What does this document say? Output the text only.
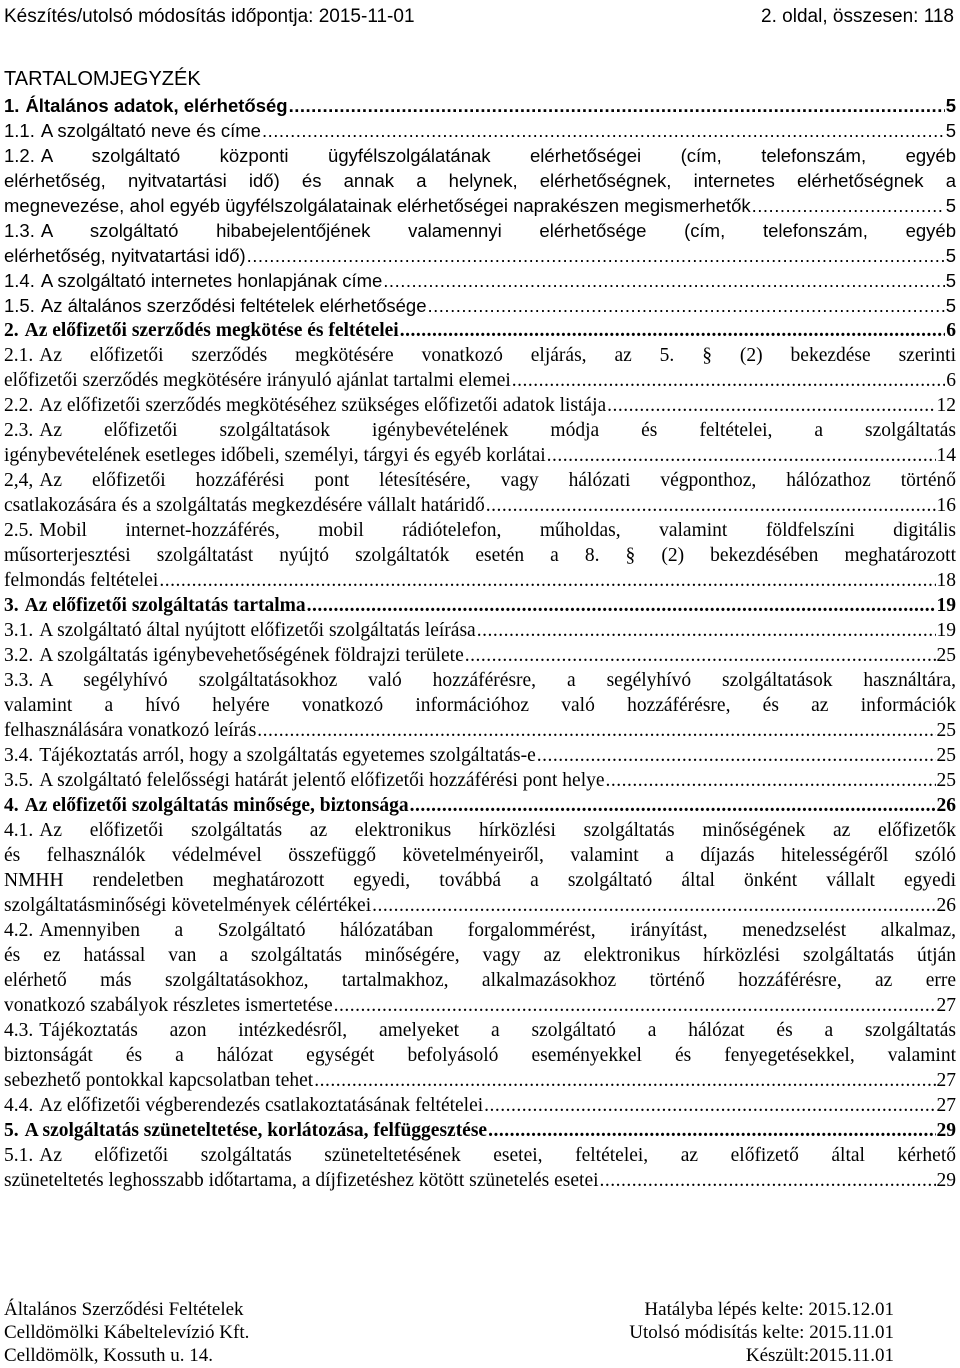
Készítés/utolsó módosítás időpontja: 2015-11-01	2. oldal, összesen: 118
TARTALOMJEGYZÉK
1. Általános adatok, elérhetőség .....	5
1.1. A szolgáltató neve és címe .....	5

1.2. A szolgáltató központi ügyfélszolgálatának elérhetőségei (cím, telefonszám, egyéb

elérhetőség, nyitvatartási idő) és annak a helynek, elérhetőségnek, internetes elérhetőségnek a

megnevezése, ahol egyéb ügyfélszolgálatainak elérhetőségei naprakészen megismerhetők .....	5

1.3. A szolgáltató hibabejelentőjének valamennyi elérhetősége (cím, telefonszám, egyéb

elérhetőség, nyitvatartási idő) .....	5
1.4. A szolgáltató internetes honlapjának címe .....	5
1.5. Az általános szerződési feltételek elérhetősége .....	5
2. Az előfizetői szerződés megkötése és feltételei .....	6

2.1. Az előfizetői szerződés megkötésére vonatkozó eljárás, az 5. § (2) bekezdése szerinti

előfizetői szerződés megkötésére irányuló ajánlat tartalmi elemei .....	6
2.2. Az előfizetői szerződés megkötéséhez szükséges előfizetői adatok listája .....	12

2.3. Az előfizetői szolgáltatások igénybevételének módja és feltételei, a szolgáltatás

igénybevételének esetleges időbeli, személyi, tárgyi és egyéb korlátai .....	14

2,4, Az előfizetői hozzáférési pont létesítésére, vagy hálózati végponthoz, hálózathoz történő

csatlakozására és a szolgáltatás megkezdésére vállalt határidő .....	16

2.5. Mobil internet-hozzáférés, mobil rádiótelefon, műholdas, valamint földfelszíni digitális

műsorterjesztési szolgáltatást nyújtó szolgáltatók esetén a 8. § (2) bekezdésében meghatározott

felmondás feltételei .....	18
3. Az előfizetői szolgáltatás tartalma .....	19
3.1. A szolgáltató által nyújtott előfizetői szolgáltatás leírása .....	19
3.2. A szolgáltatás igénybevehetőségének földrajzi területe .....	25

3.3. A segélyhívó szolgáltatásokhoz való hozzáférésre, a segélyhívó szolgáltatások használtára,

valamint a hívó helyére vonatkozó információhoz való hozzáférésre, és az információk

felhasználására vonatkozó leírás .....	25
3.4. Tájékoztatás arról, hogy a szolgáltatás egyetemes szolgáltatás-e .....	25
3.5. A szolgáltató felelősségi határát jelentő előfizetői hozzáférési pont helye .....	25
4. Az előfizetői szolgáltatás minősége, biztonsága .....	26

4.1. Az előfizetői szolgáltatás az elektronikus hírközlési szolgáltatás minőségének az előfizetők

és felhasználók védelmével összefüggő követelményeiről, valamint a díjazás hitelességéről szóló

NMHH rendeletben meghatározott egyedi, továbbá a szolgáltató által önként vállalt egyedi

szolgáltatásminőségi követelmények célértékei .....	26

4.2. Amennyiben a Szolgáltató hálózatában forgalommérést, irányítást, menedzselést alkalmaz,

és ez hatással van a szolgáltatás minőségére, vagy az elektronikus hírközlési szolgáltatás útján

elérhető más szolgáltatásokhoz, tartalmakhoz, alkalmazásokhoz történő hozzáférésre, az erre

vonatkozó szabályok részletes ismertetése .....	27

4.3. Tájékoztatás azon intézkedésről, amelyeket a szolgáltató a hálózat és a szolgáltatás

biztonságát és a hálózat egységét befolyásoló eseményekkel és fenyegetésekkel, valamint

sebezhető pontokkal kapcsolatban tehet .....	27
4.4. Az előfizetői végberendezés csatlakoztatásának feltételei .....	27
5. A szolgáltatás szüneteltetése, korlátozása, felfüggesztése .....	29

5.1. Az előfizetői szolgáltatás szüneteltetésének esetei, feltételei, az előfizető által kérhető

szüneteltetés leghosszabb időtartama, a díjfizetéshez kötött szünetelés esetei .....	29
Általános Szerződési Feltételek	Hatályba lépés kelte: 2015.12.01
Celldömölki Kábeltelevízió Kft.	Utolsó módisítás kelte: 2015.11.01
Celldömölk, Kossuth u. 14.	Készült:2015.11.01
